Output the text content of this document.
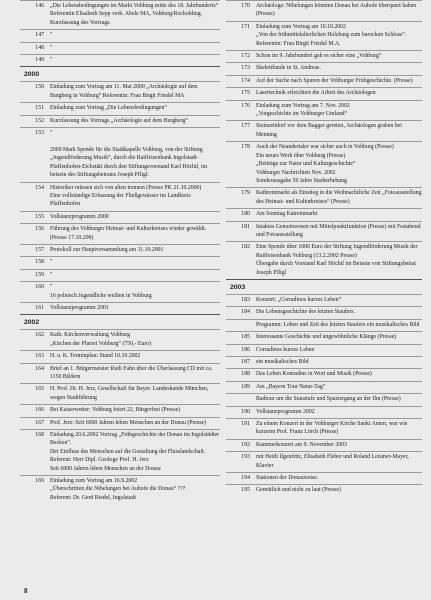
146	„Die Lebensbedingungen im Markt Vohburg mitte des 18. Jahrhunderts“ Referentin Elisabeth Sepp verh. Abele MA, Vohburg/Rockolding. Kurzfassung des Vortrags.
147	"
148	"
149	"
2000
150	Einladung zum Vortrag am 11. Mai 2000 „Archäologie auf dem Burgberg in Vohburg“ Referentin: Frau Birgit Friedel MA
151	Einladung zum Vortrag „Die Lebensbedingungen“
152	Kurzfassung des Vortrags „Archäologie auf dem Burgberg“
153	"

2000 Mark Spende für die Stadtkapelle Vohburg, von der Stiftung „Jugendförderung Musik“, durch die Raiffeisenbank Ingolstadt-Pfaffenhofen-Eichstätt durch den Stiftungsvorstand Karl Höchtl, im beisein des Stiftungsbeirates Joseph Pfligl.
154	Historiker müssen sich von alten trennen (Presse PK 21.10.2000)
Eine vollständige Erfassung der Fließgewässer im Landkreis Pfaffenhofen
155	Vollstanzprogramm 2000
156	Führung des Vohburger Heimat- und Kulturkreises wieder gewählt. (Presse 17.10.200)
157	Protokoll zur Hauptversammlung am 11.10.2001
158	"
159	"
160	"
16 polnisch Jugendliche weilten in Vohburg
161	Vollstanzprogramm 2001
2002
162	Kath. Kirchenverwaltung Vohburg
„Kirchen der Pfarrei Vohburg“ (750,- Euro)
163	H. u. K. Terminplan: Stand 10.10.2002
164	Brief an 1. Bürgermeister Rudi Fahn über die Überlassung CD mit ca. 1150 Bildern
165	H. Prof. Dr. H. Jerz, Gesellschaft für Bayer. Landeskunde München, wegen Stadtführung
166	Bei Kaiserwetter: Vohburg feiert 22, Bürgerfest (Presse)
167	Prof. Jerz: Seit 6000 Jahren leben Menschen an der Donau (Presse)
168	Einladung 20.6.2002 Vortrag „Frühgeschichte der Donau im Ingolstädter Becken“.
Der Einfluss des Menschen auf die Gestaltung der Flusslandschaft.
Referent: Herr Dipl. Geologe Prof. H. Jerz
Seit 6000 Jahren leben Menschen an der Donau
169	Einladung zum Vortrag am 16.9.2002
„Überschritten die Nibelungen bei Auhofe die Donau“ ???
Referent: Dr. Gerd Riedel, Ingolstadt
170	Archäologe: Nibelungen könnten Donau bei Auhofe überquert haben (Presse)
171	Einladung zum Vortrag am 10.10.2002
„Von der frühmittelalterlichen Holzburg zum barocken Schloss“.
Referentin: Frau Birgit Friedel M.A.
172	Schon im 9. Jahrhundert gab es sicher eine „Vohburg“
173	Skelettfunde in St. Andreas.
174	Auf der Suche nach Spuren der Vohburger Frühgeschichte. (Presse)
175	Lasertechnik erleichtert die Arbeit des Archäologen
176	Einladung zum Vortrag am 7. Nov. 2002
„Vorgeschichte im Vohburger Umland“
177	Steinzeitdorf vor dem Bagger gerettet, Archäologen graben bei Menning
178	Auch der Neandertaler war sicher auch in Vohburg (Presse)
Ein neues Werk über Vohburg (Presse)
„Beiträge zur Natur und Kulturgeschichte“
Vohburger Nachrichten Nov. 2002
Sonderausgabe 50 Jahre Stadterhebung
179	Kathreinmarkt als Einstieg in die Weihnachtliche Zeit „Fotoausstellung des Heimat- und Kulturkreises“ (Presse)
180	Am Sonntag Katreinmarkt
181	Intaktes Gemeinwesen mit Mittelpunktfunktion (Presse) mit Festabend und Fotoausstellung
182	Eine Spende über 1000 Euro der Stiftung Jugendförderung Musik der Raiffeisenbank Vohburg (13.2.2002 Presse)
Übergabe durch Vorstand Karl Höchtl im Beisein von Stiftungsbeirat Joseph Pfligl
2003
183	Konzert: „Corradinos kurzes Leben“
184	Die Lebensgeschichte des letzten Staufers.
Programm: Leben und Zeit des letzten Staufers ein musikalisches Bild
185	Interessante Geschichte und ungewöhnliche Klänge (Presse)
186	Corradinos kurzes Leben
187	ein musikalisches Bild
188	Das Leben Konradins in Wort und Musik (Presse)
189	Am „Bayern Tour Natur-Tag“
Radtour um die Staustufe und Spaziergang an der Ilm (Presse)
190	Vollstanzprogramm 2002
191	Zu einem Konzert in der Vohburger Kirche Sankt Anton, war wie kurzerm Prof. Franz Lörch (Presse)
192	Kammerkonzert am 9. November 2003
193	mit Heidi Ilgenfritz, Elisabeth Fleber und Roland Leistner-Mayer, Klavier
194	Stationen der Donauweise.
195	Gemütlich und nicht zu laut (Presse)
8
